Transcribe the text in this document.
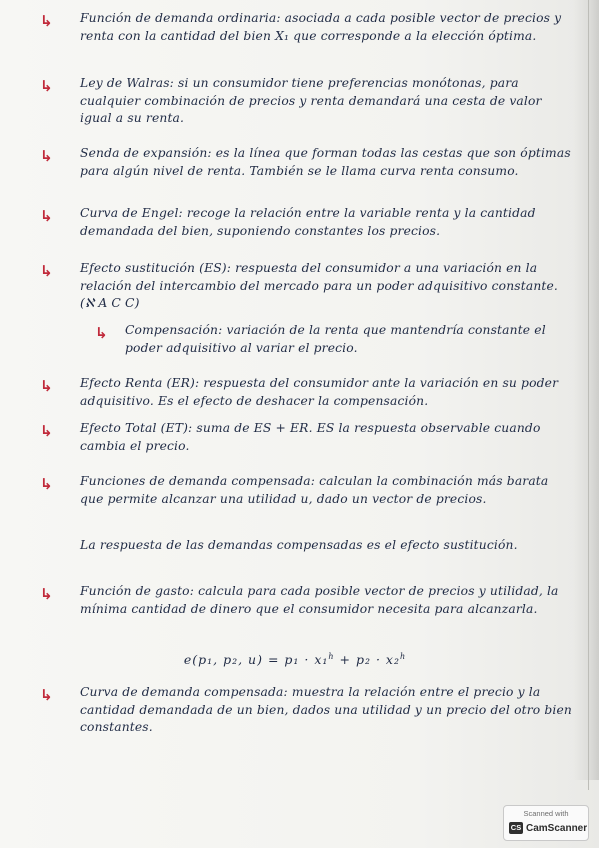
↳ Función de demanda ordinaria: asociada a cada posible vector de precios y renta con la cantidad del bien X₁ que corresponde a la elección óptima.
↳ Ley de Walras: si un consumidor tiene preferencias monótonas, para cualquier combinación de precios y renta demandará una cesta de valor igual a su renta.
↳ Senda de expansión: es la línea que forman todas las cestas que son óptimas para algún nivel de renta. También se le llama curva renta consumo.
↳ Curva de Engel: recoge la relación entre la variable renta y la cantidad demandada del bien, suponiendo constantes los precios.
↳ Efecto sustitución (ES): respuesta del consumidor a una variación en la relación del intercambio del mercado para un poder adquisitivo constante. (ℵ A C C)
↳ Compensación: variación de la renta que mantendría constante el poder adquisitivo al variar el precio.
↳ Efecto Renta (ER): respuesta del consumidor ante la variación en su poder adquisitivo. Es el efecto de deshacer la compensación.
↳ Efecto Total (ET): suma de ES + ER. ES la respuesta observable cuando cambia el precio.
↳ Funciones de demanda compensada: calculan la combinación más barata que permite alcanzar una utilidad u, dado un vector de precios.
La respuesta de las demandas compensadas es el efecto sustitución.
↳ Función de gasto: calcula para cada posible vector de precios y utilidad, la mínima cantidad de dinero que el consumidor necesita para alcanzarla.
e(p₁, p₂, u) = p₁ · x₁$^h$ + p₂ · x₂$^h$
↳ Curva de demanda compensada: muestra la relación entre el precio y la cantidad demandada de un bien, dados una utilidad y un precio del otro bien constantes.
Scanned with
CS CamScanner
